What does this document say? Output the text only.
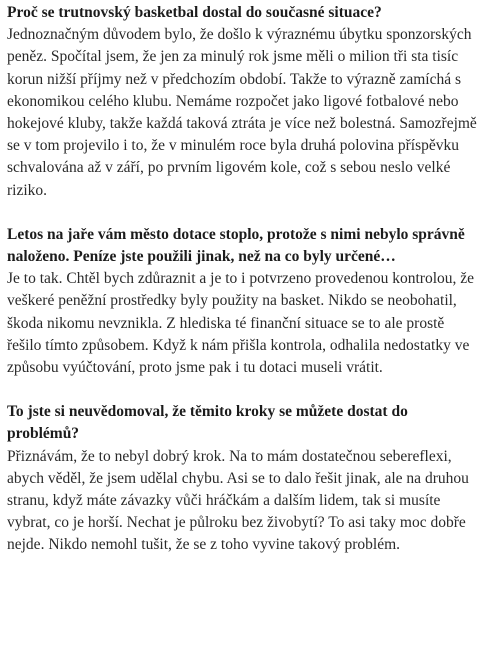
Proč se trutnovský basketbal dostal do současné situace?

Jednoznačným důvodem bylo, že došlo k výraznému úbytku sponzorských peněz. Spočítal jsem, že jen za minulý rok jsme měli o milion tři sta tisíc korun nižší příjmy než v předchozím období. Takže to výrazně zamíchá s ekonomikou celého klubu. Nemáme rozpočet jako ligové fotbalové nebo hokejové kluby, takže každá taková ztráta je více než bolestná. Samozřejmě se v tom projevilo i to, že v minulém roce byla druhá polovina příspěvku schvalována až v září, po prvním ligovém kole, což s sebou neslo velké riziko.

Letos na jaře vám město dotace stoplo, protože s nimi nebylo správně naloženo. Peníze jste použili jinak, než na co byly určené…

Je to tak. Chtěl bych zdůraznit a je to i potvrzeno provedenou kontrolou, že veškeré peněžní prostředky byly použity na basket. Nikdo se neobohatil, škoda nikomu nevznikla. Z hlediska té finanční situace se to ale prostě řešilo tímto způsobem. Když k nám přišla kontrola, odhalila nedostatky ve způsobu vyúčtování, proto jsme pak i tu dotaci museli vrátit.

To jste si neuvědomoval, že těmito kroky se můžete dostat do problémů?

Přiznávám, že to nebyl dobrý krok. Na to mám dostatečnou sebereflexi, abych věděl, že jsem udělal chybu. Asi se to dalo řešit jinak, ale na druhou stranu, když máte závazky vůči hráčkám a dalším lidem, tak si musíte vybrat, co je horší. Nechat je půlroku bez živobytí? To asi taky moc dobře nejde. Nikdo nemohl tušit, že se z toho vyvine takový problém.
